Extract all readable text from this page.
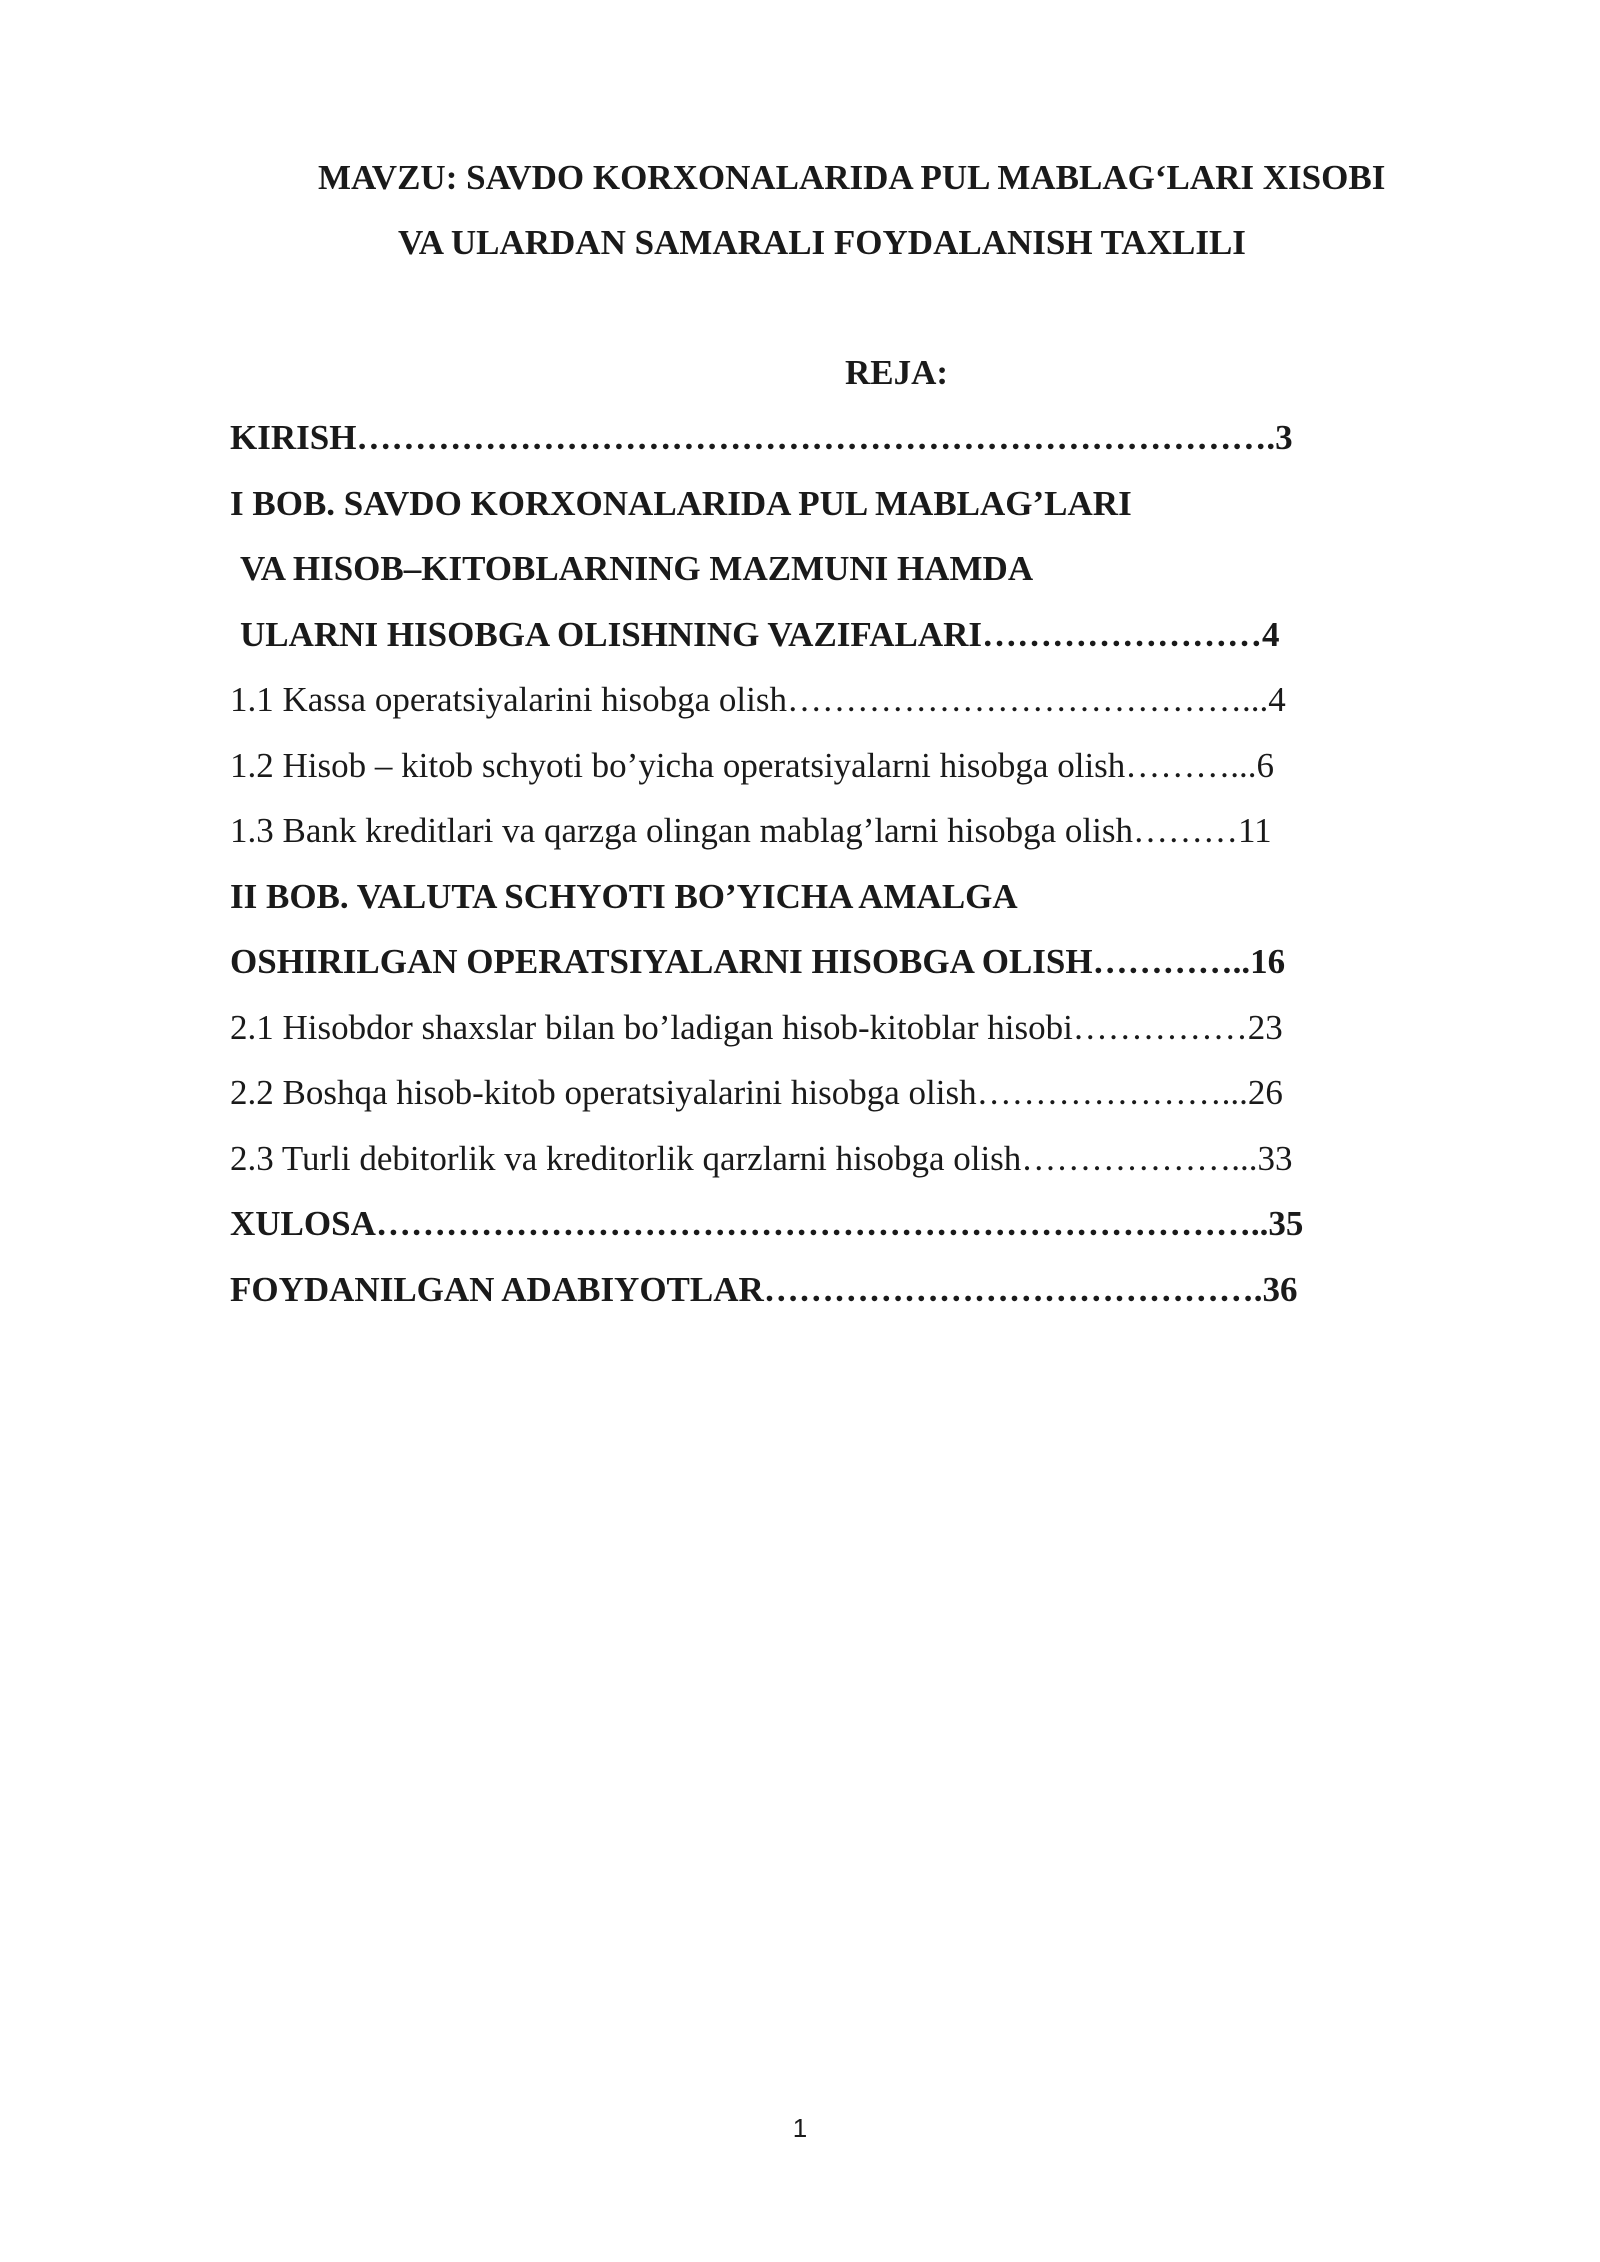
MAVZU: SAVDO KORXONALARIDA PUL MABLAG‘LARI XISOBI
VA ULARDAN SAMARALI FOYDALANISH TAXLILI
REJA:
KIRISH…………………………………………………………………….3
I BOB. SAVDO KORXONALARIDA PUL MABLAG’LARI
VA HISOB–KITOBLARNING MAZMUNI HAMDA
ULARNI HISOBGA OLISHNING VAZIFALARI……………………4
1.1 Kassa operatsiyalarini hisobga olish…………………………………...4
1.2 Hisob – kitob schyoti bo’yicha operatsiyalarni hisobga olish………...6
1.3 Bank kreditlari va qarzga olingan mablag’larni hisobga olish………11
II BOB. VALUTA SCHYOTI BO’YICHA AMALGA
OSHIRILGAN OPERATSIYALARNI HISOBGA OLISH…………..16
2.1 Hisobdor shaxslar bilan bo’ladigan hisob-kitoblar hisobi……………23
2.2 Boshqa hisob-kitob operatsiyalarini hisobga olish…………………...26
2.3 Turli debitorlik va kreditorlik qarzlarni hisobga olish………………...33
XULOSA…………………………………………………………………..35
FOYDANILGAN ADABIYOTLAR…………………………………….36
1
